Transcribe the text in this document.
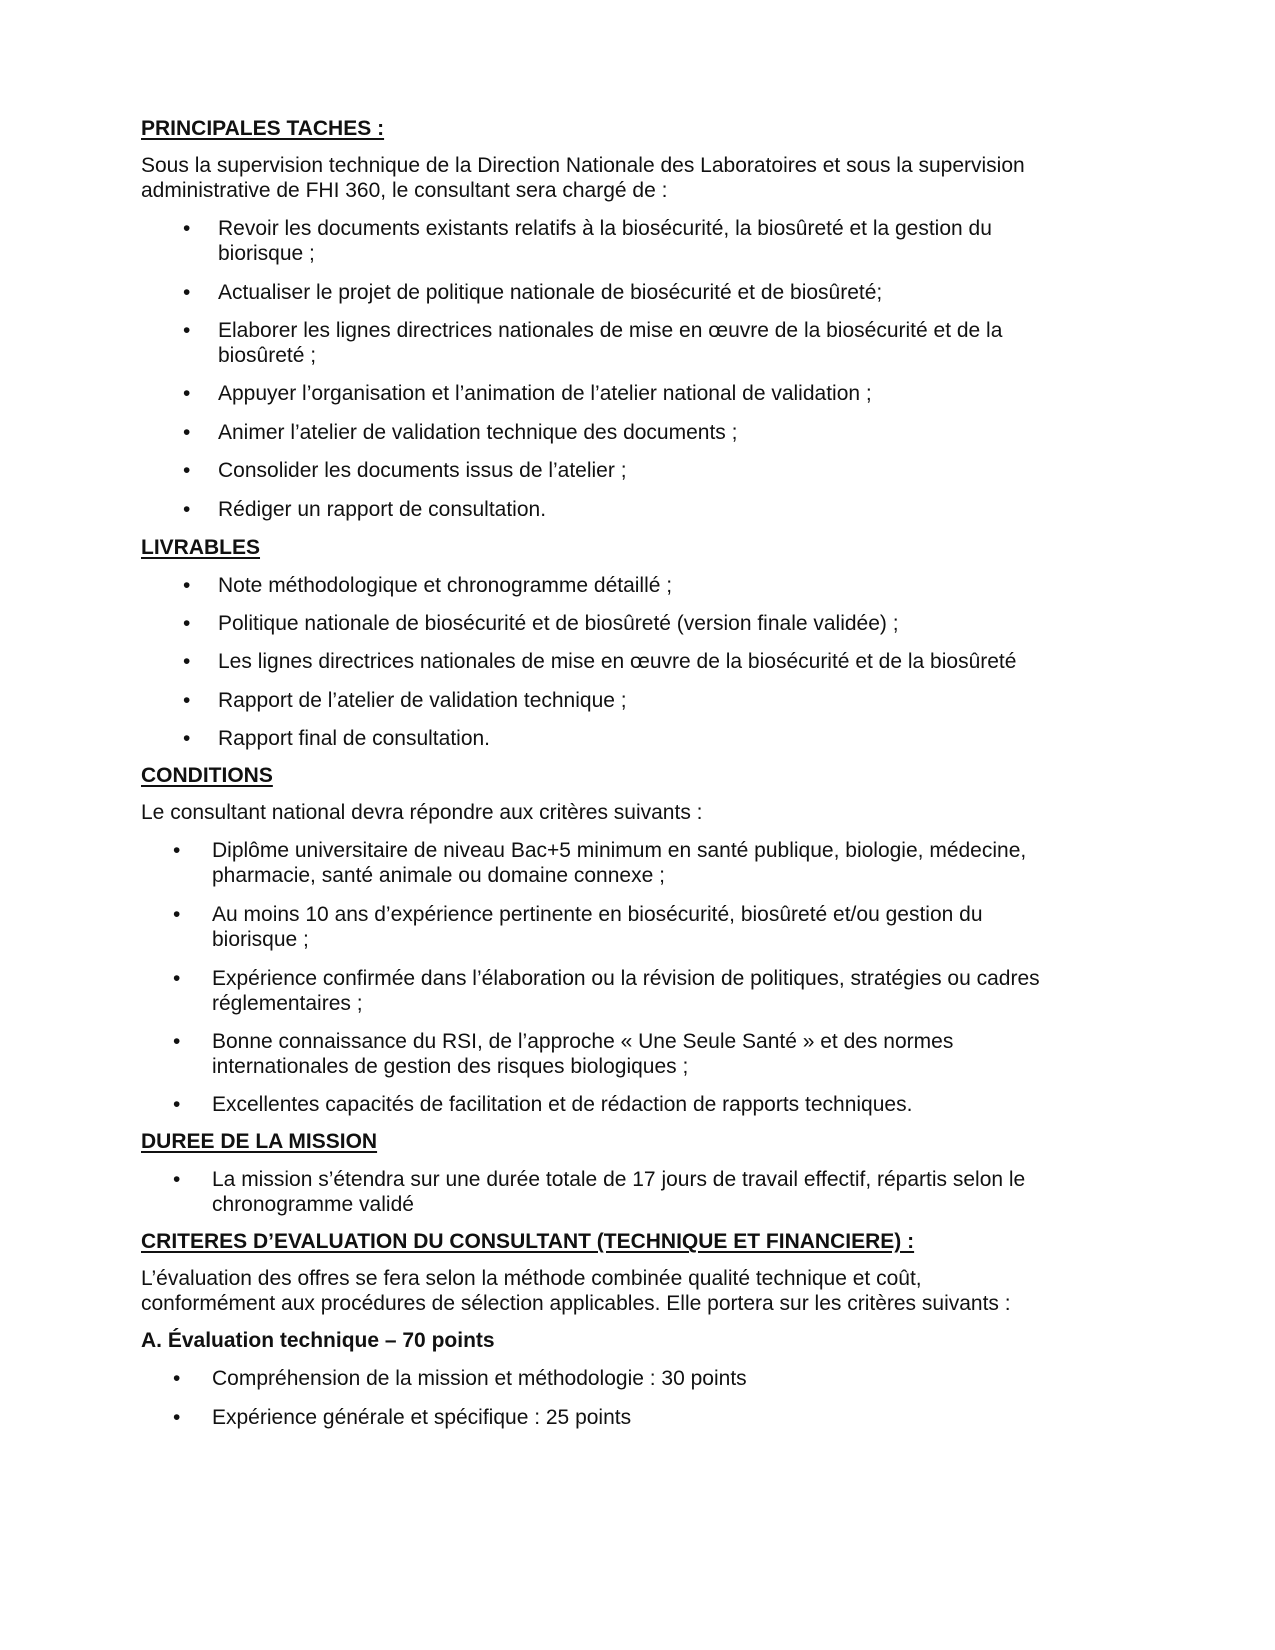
PRINCIPALES TACHES :
Sous la supervision technique de la Direction Nationale des Laboratoires et sous la supervision
administrative de FHI 360, le consultant sera chargé de :
• Revoir les documents existants relatifs à la biosécurité, la biosûreté et la gestion du
biorisque ;
• Actualiser le projet de politique nationale de biosécurité et de biosûreté;
• Elaborer les lignes directrices nationales de mise en œuvre de la biosécurité et de la
biosûreté ;
• Appuyer l’organisation et l’animation de l’atelier national de validation ;
• Animer l’atelier de validation technique des documents ;
• Consolider les documents issus de l’atelier ;
• Rédiger un rapport de consultation.
LIVRABLES
• Note méthodologique et chronogramme détaillé ;
• Politique nationale de biosécurité et de biosûreté (version finale validée) ;
• Les lignes directrices nationales de mise en œuvre de la biosécurité et de la biosûreté
• Rapport de l’atelier de validation technique ;
• Rapport final de consultation.
CONDITIONS
Le consultant national devra répondre aux critères suivants :
• Diplôme universitaire de niveau Bac+5 minimum en santé publique, biologie, médecine,
pharmacie, santé animale ou domaine connexe ;
• Au moins 10 ans d’expérience pertinente en biosécurité, biosûreté et/ou gestion du
biorisque ;
• Expérience confirmée dans l’élaboration ou la révision de politiques, stratégies ou cadres
réglementaires ;
• Bonne connaissance du RSI, de l’approche « Une Seule Santé » et des normes
internationales de gestion des risques biologiques ;
• Excellentes capacités de facilitation et de rédaction de rapports techniques.
DUREE DE LA MISSION
• La mission s’étendra sur une durée totale de 17 jours de travail effectif, répartis selon le
chronogramme validé
CRITERES D’EVALUATION DU CONSULTANT (TECHNIQUE ET FINANCIERE) :
L’évaluation des offres se fera selon la méthode combinée qualité technique et coût,
conformément aux procédures de sélection applicables. Elle portera sur les critères suivants :
A. Évaluation technique – 70 points
• Compréhension de la mission et méthodologie : 30 points
• Expérience générale et spécifique : 25 points
